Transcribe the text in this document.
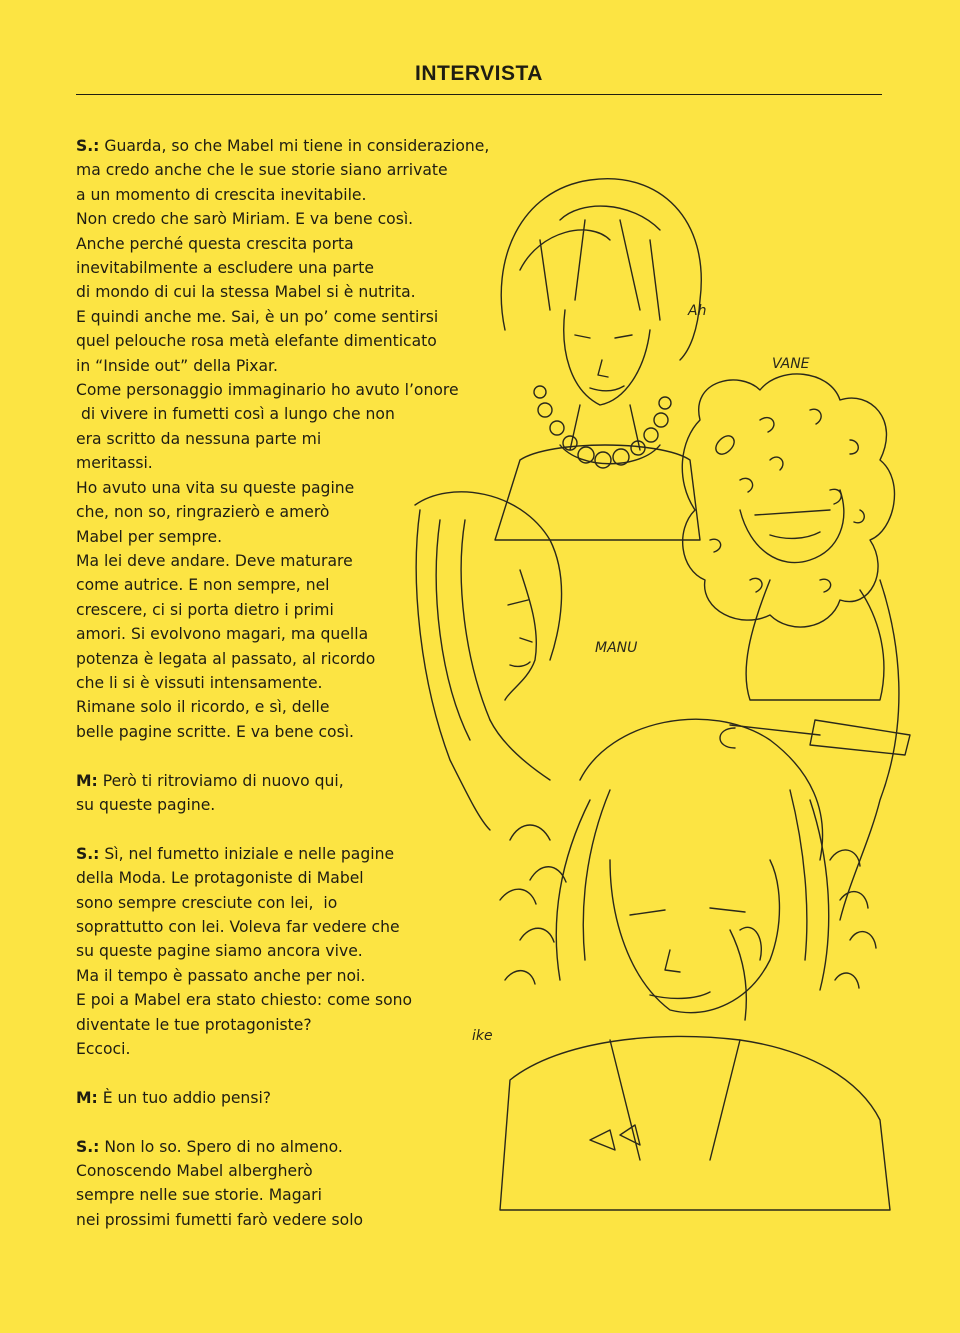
INTERVISTA

S.: Guarda, so che Mabel mi tiene in considerazione,
ma credo anche che le sue storie siano arrivate
a un momento di crescita inevitabile.
Non credo che sarò Miriam. E va bene così.
Anche perché questa crescita porta
inevitabilmente a escludere una parte
di mondo di cui la stessa Mabel si è nutrita.
E quindi anche me. Sai, è un po’ come sentirsi
quel pelouche rosa metà elefante dimenticato
in “Inside out” della Pixar.
Come personaggio immaginario ho avuto l’onore
di vivere in fumetti così a lungo che non
era scritto da nessuna parte mi
meritassi.
Ho avuto una vita su queste pagine
che, non so, ringrazierò e amerò
Mabel per sempre.
Ma lei deve andare. Deve maturare
come autrice. E non sempre, nel
crescere, ci si porta dietro i primi
amori. Si evolvono magari, ma quella
potenza è legata al passato, al ricordo
che li si è vissuti intensamente.
Rimane solo il ricordo, e sì, delle
belle pagine scritte. E va bene così.

M: Però ti ritroviamo di nuovo qui,
su queste pagine.

S.: Sì, nel fumetto iniziale e nelle pagine
della Moda. Le protagoniste di Mabel
sono sempre cresciute con lei,  io
soprattutto con lei. Voleva far vedere che
su queste pagine siamo ancora vive.
Ma il tempo è passato anche per noi.
E poi a Mabel era stato chiesto: come sono
diventate le tue protagoniste?
Eccoci.

M: È un tuo addio pensi?

S.: Non lo so. Spero di no almeno.
Conoscendo Mabel albergherò
sempre nelle sue storie. Magari
nei prossimi fumetti farò vedere solo

Ah
VANE
MANU
ike
